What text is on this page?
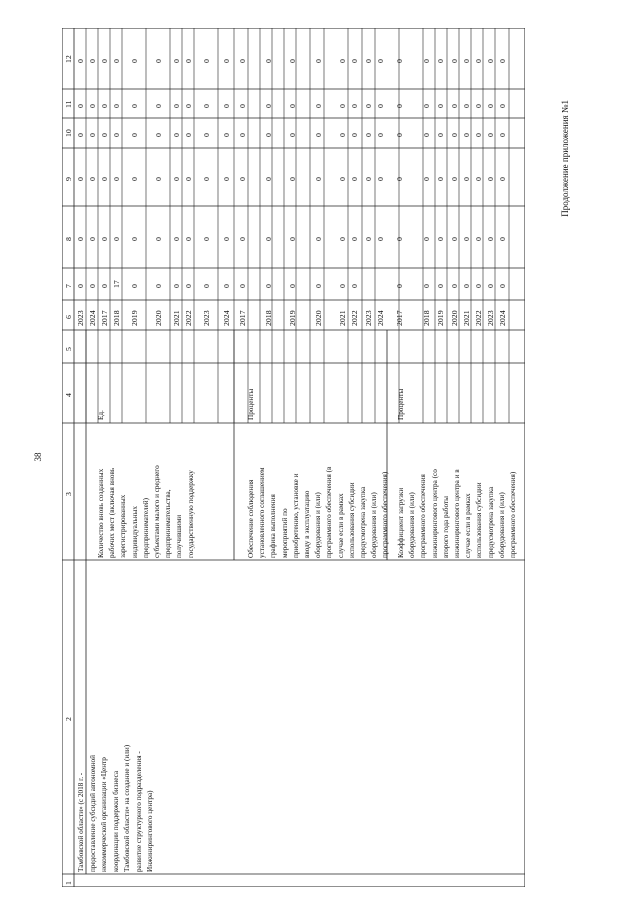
38
Продолжение приложения №1
1
2
3
4
5
6
7
8
9
10
11
12
Тамбовской области» (с 2018 г. - предоставление субсидий автономной некоммерческой организации «Центр координации поддержки бизнеса Тамбовской области» на создание и (или) развитие структурного подразделения - Инжинирингового центра)
Количество вновь созданных рабочих мест (включая вновь зарегистрированных индивидуальных предпринимателей) субъектами малого и среднего предпринимательства, получившими государственную поддержку
Ед.
2023
0
0
0
0
0
0
2024
0
0
0
0
0
0
2017
0
0
0
0
0
0
2018
17
0
0
0
0
0
2019
0
0
0
0
0
0
2020
0
0
0
0
0
0
2021
0
0
0
0
0
0
2022
0
0
0
0
0
0
2023
0
0
0
0
0
0
2024
0
0
0
0
0
0
Обеспечение соблюдения установленного соглашением графика выполнения мероприятий по приобретению, установке и вводу в эксплуатацию оборудования и (или) программного обеспечения (в случае если в рамках использования субсидии предусмотрена закупка оборудования и (или) программного обеспечения)
Проценты
2017
0
0
0
0
0
0
2018
0
0
0
0
0
0
2019
0
0
0
0
0
0
2020
0
0
0
0
0
0
2021
0
0
0
0
0
0
2022
0
0
0
0
0
0
2023
0
0
0
0
0
2024
0
0
0
0
0
Коэффициент загрузки оборудования и (или) программного обеспечения инжинирингового центра (со второго года работы инжинирингового центра и в случае если в рамках использования субсидии предусмотрена закупка оборудования и (или) программного обеспечения)
Проценты
2017
0
0
0
0
0
0
2018
0
0
0
0
0
0
2019
0
0
0
0
0
0
2020
0
0
0
0
0
0
2021
0
0
0
0
0
0
2022
0
0
0
0
0
0
2023
0
0
0
0
0
0
2024
0
0
0
0
0
0
